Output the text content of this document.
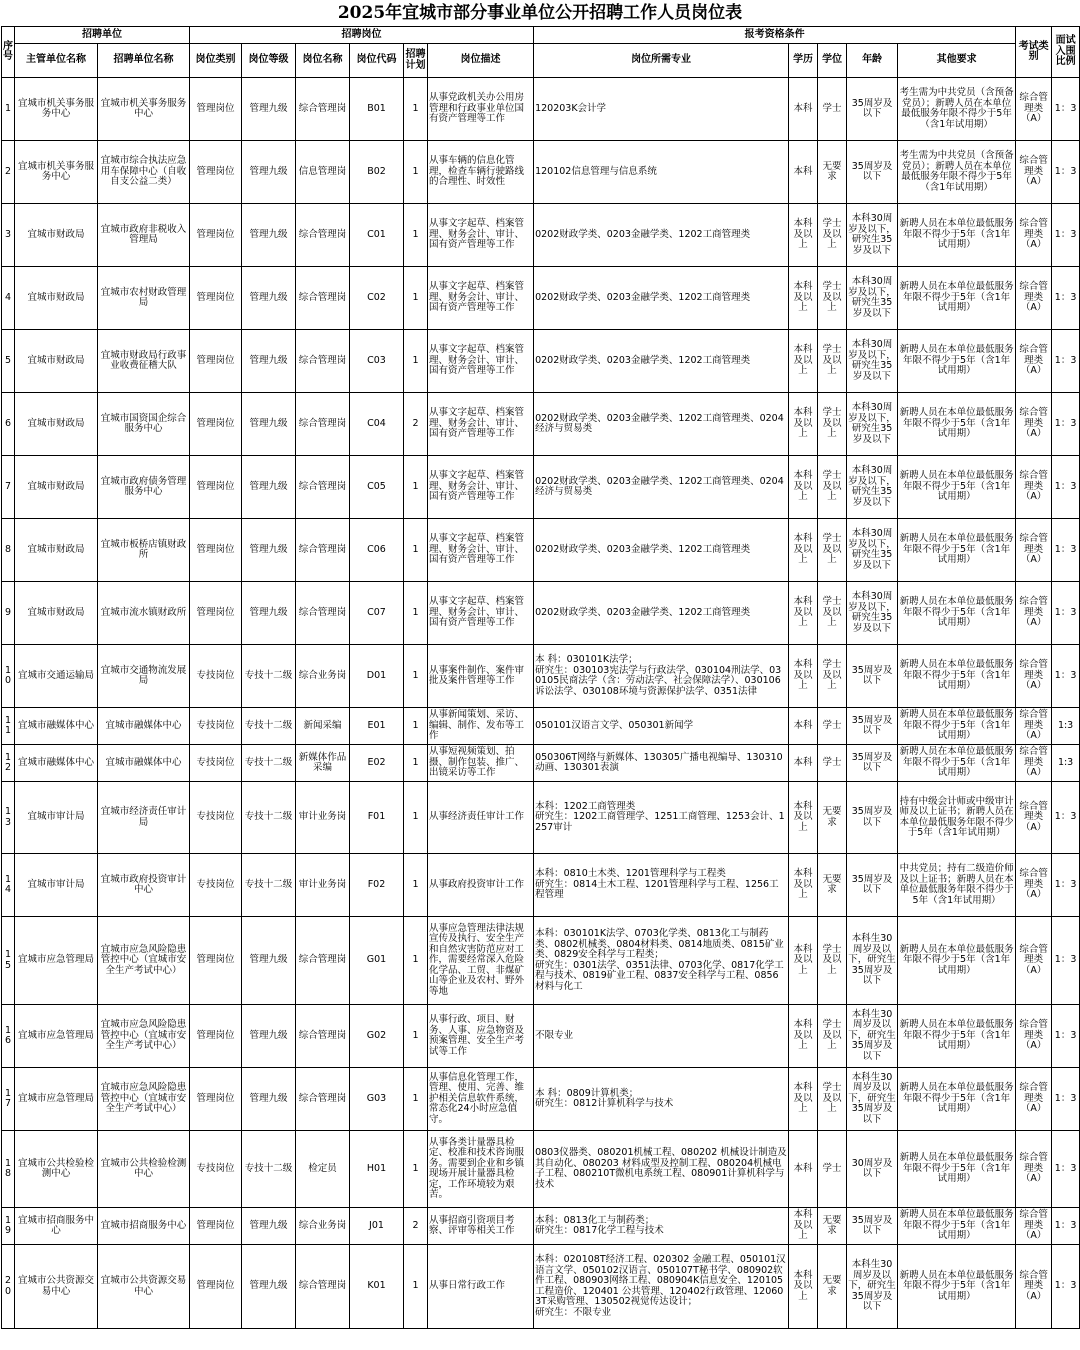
2025年宜城市部分事业单位公开招聘工作人员岗位表
序号	招聘单位		招聘岗位						报考资格条件					考试类别	面试入围比例
	主管单位名称	招聘单位名称	岗位类别	岗位等级	岗位名称	岗位代码	招聘计划	岗位描述	岗位所需专业	学历	学位	年龄	其他要求		
1	宜城市机关事务服务中心	宜城市机关事务服务中心	管理岗位	管理九级	综合管理岗	B01	1	从事党政机关办公用房管理和行政事业单位国有资产管理等工作	120203K会计学	本科	学士	35周岁及以下	考生需为中共党员（含预备党员）；新聘人员在本单位最低服务年限不得少于5年（含1年试用期）	综合管理类（A）	1：3
2	宜城市机关事务服务中心	宜城市综合执法应急用车保障中心（自收自支公益二类）	管理岗位	管理九级	信息管理岗	B02	1	从事车辆的信息化管理，检查车辆行驶路线的合理性、时效性	120102信息管理与信息系统	本科	无要求	35周岁及以下	考生需为中共党员（含预备党员）；新聘人员在本单位最低服务年限不得少于5年（含1年试用期）	综合管理类（A）	1：3
3	宜城市财政局	宜城市政府非税收入管理局	管理岗位	管理九级	综合管理岗	C01	1	从事文字起草、档案管理、财务会计、审计、国有资产管理等工作	0202财政学类、0203金融学类、1202工商管理类	本科及以上	学士及以上	本科30周岁及以下，研究生35岁及以下	新聘人员在本单位最低服务年限不得少于5年（含1年试用期）	综合管理类（A）	1：3
4	宜城市财政局	宜城市农村财政管理局	管理岗位	管理九级	综合管理岗	C02	1	从事文字起草、档案管理、财务会计、审计、国有资产管理等工作	0202财政学类、0203金融学类、1202工商管理类	本科及以上	学士及以上	本科30周岁及以下，研究生35岁及以下	新聘人员在本单位最低服务年限不得少于5年（含1年试用期）	综合管理类（A）	1：3
5	宜城市财政局	宜城市财政局行政事业收费征稽大队	管理岗位	管理九级	综合管理岗	C03	1	从事文字起草、档案管理、财务会计、审计、国有资产管理等工作	0202财政学类、0203金融学类、1202工商管理类	本科及以上	学士及以上	本科30周岁及以下，研究生35岁及以下	新聘人员在本单位最低服务年限不得少于5年（含1年试用期）	综合管理类（A）	1：3
6	宜城市财政局	宜城市国资国企综合服务中心	管理岗位	管理九级	综合管理岗	C04	2	从事文字起草、档案管理、财务会计、审计、国有资产管理等工作	0202财政学类、0203金融学类、1202工商管理类、0204经济与贸易类	本科及以上	学士及以上	本科30周岁及以下，研究生35岁及以下	新聘人员在本单位最低服务年限不得少于5年（含1年试用期）	综合管理类（A）	1：3
7	宜城市财政局	宜城市政府债务管理服务中心	管理岗位	管理九级	综合管理岗	C05	1	从事文字起草、档案管理、财务会计、审计、国有资产管理等工作	0202财政学类、0203金融学类、1202工商管理类、0204经济与贸易类	本科及以上	学士及以上	本科30周岁及以下，研究生35岁及以下	新聘人员在本单位最低服务年限不得少于5年（含1年试用期）	综合管理类（A）	1：3
8	宜城市财政局	宜城市板桥店镇财政所	管理岗位	管理九级	综合管理岗	C06	1	从事文字起草、档案管理、财务会计、审计、国有资产管理等工作	0202财政学类、0203金融学类、1202工商管理类	本科及以上	学士及以上	本科30周岁及以下，研究生35岁及以下	新聘人员在本单位最低服务年限不得少于5年（含1年试用期）	综合管理类（A）	1：3
9	宜城市财政局	宜城市流水镇财政所	管理岗位	管理九级	综合管理岗	C07	1	从事文字起草、档案管理、财务会计、审计、国有资产管理等工作	0202财政学类、0203金融学类、1202工商管理类	本科及以上	学士及以上	本科30周岁及以下，研究生35岁及以下	新聘人员在本单位最低服务年限不得少于5年（含1年试用期）	综合管理类（A）	1：3
10	宜城市交通运输局	宜城市交通物流发展局	专技岗位	专技十二级	综合业务岗	D01	1	从事案件制作、案件审批及案件管理等工作	本 科：030101K法学；
研究生：030103宪法学与行政法学、030104刑法学、030105民商法学（含：劳动法学、社会保障法学）、030106诉讼法学、030108环境与资源保护法学、0351法律	本科及以上	学士及以上	35周岁及以下	新聘人员在本单位最低服务年限不得少于5年（含1年试用期）	综合管理类（A）	1：3
11	宜城市融媒体中心	宜城市融媒体中心	专技岗位	专技十二级	新闻采编	E01	1	从事新闻策划、采访、编辑、制作、发布等工作	050101汉语言文学、050301新闻学	本科	学士	35周岁及以下	新聘人员在本单位最低服务年限不得少于5年（含1年试用期）	综合管理类（A）	1:3
12	宜城市融媒体中心	宜城市融媒体中心	专技岗位	专技十二级	新媒体作品采编	E02	1	从事短视频策划、拍摄、制作包装、推广、出镜采访等工作	050306T网络与新媒体、130305广播电视编导、130310动画、130301表演	本科	学士	35周岁及以下	新聘人员在本单位最低服务年限不得少于5年（含1年试用期）	综合管理类（A）	1:3
13	宜城市审计局	宜城市经济责任审计局	专技岗位	专技十二级	审计业务岗	F01	1	从事经济责任审计工作	本科：1202工商管理类
研究生：1202工商管理学、1251工商管理、1253会计、1257审计	本科及以上	无要求	35周岁及以下	持有中级会计师或中级审计师及以上证书；新聘人员在本单位最低服务年限不得少于5年（含1年试用期）	综合管理类（A）	1：3
14	宜城市审计局	宜城市政府投资审计中心	专技岗位	专技十二级	审计业务岗	F02	1	从事政府投资审计工作	本科：0810土木类、1201管理科学与工程类
研究生：0814土木工程、1201管理科学与工程、1256工程管理	本科及以上	无要求	35周岁及以下	中共党员；持有二级造价师及以上证书；新聘人员在本单位最低服务年限不得少于5年（含1年试用期）	综合管理类（A）	1：3
15	宜城市应急管理局	宜城市应急风险隐患管控中心（宜城市安全生产考试中心）	管理岗位	管理九级	综合管理岗	G01	1	从事应急管理法律法规宣传及执行、安全生产和自然灾害防范应对工作，需要经常深入危险化学品、工贸、非煤矿山等企业及农村、野外等地	本科：030101K法学、0703化学类、0813化工与制药类、0802机械类、0804材料类、0814地质类、0815矿业类、0829安全科学与工程类；
研究生：0301法学、0351法律、0703化学、0817化学工程与技术、0819矿业工程、0837安全科学与工程、0856材料与化工	本科及以上	学士及以上	本科生30周岁及以下，研究生35周岁及以下	新聘人员在本单位最低服务年限不得少于5年（含1年试用期）	综合管理类（A）	1：3
16	宜城市应急管理局	宜城市应急风险隐患管控中心（宜城市安全生产考试中心）	管理岗位	管理九级	综合管理岗	G02	1	从事行政、项目、财务、人事、应急物资及预案管理、安全生产考试等工作	不限专业	本科及以上	学士及以上	本科生30周岁及以下，研究生35周岁及以下	新聘人员在本单位最低服务年限不得少于5年（含1年试用期）	综合管理类（A）	1：3
17	宜城市应急管理局	宜城市应急风险隐患管控中心（宜城市安全生产考试中心）	管理岗位	管理九级	综合管理岗	G03	1	从事信息化管理工作，管理、使用、完善、维护相关信息软件系统，常态化24小时应急值守。	本 科：0809计算机类；
研究生：0812计算机科学与技术	本科及以上	学士及以上	本科生30周岁及以下，研究生35周岁及以下	新聘人员在本单位最低服务年限不得少于5年（含1年试用期）	综合管理类（A）	1：3
18	宜城市公共检验检测中心	宜城市公共检验检测中心	专技岗位	专技十二级	检定员	H01	1	从事各类计量器具检定、校准和技术咨询服务。需要到企业和乡镇现场开展计量器具检定，工作环境较为艰苦。	0803仪器类、080201机械工程、080202 机械设计制造及其自动化、080203 材料成型及控制工程、080204机械电子工程、080210T微机电系统工程、080901计算机科学与技术	本科	学士	30周岁及以下	新聘人员在本单位最低服务年限不得少于5年（含1年试用期）	综合管理类（A）	1：3
19	宜城市招商服务中心	宜城市招商服务中心	管理岗位	管理九级	综合业务岗	J01	2	从事招商引资项目考察、评审等相关工作	本科：0813化工与制药类；
研究生：0817化学工程与技术	本科及以上	无要求	35周岁及以下	新聘人员在本单位最低服务年限不得少于5年（含1年试用期）	综合管理类（A）	1：3
20	宜城市公共资源交易中心	宜城市公共资源交易中心	管理岗位	管理九级	综合管理岗	K01	1	从事日常行政工作	本科：020108T经济工程、020302 金融工程、050101汉语言文学、050102汉语言、050107T秘书学、080902软件工程、080903网络工程、080904K信息安全、120105工程造价、120401 公共管理、120402行政管理、120603T采购管理、130502视觉传达设计；
研究生：不限专业	本科及以上	无要求	本科生30周岁及以下，研究生35周岁及以下	新聘人员在本单位最低服务年限不得少于5年（含1年试用期）	综合管理类（A）	1：3
